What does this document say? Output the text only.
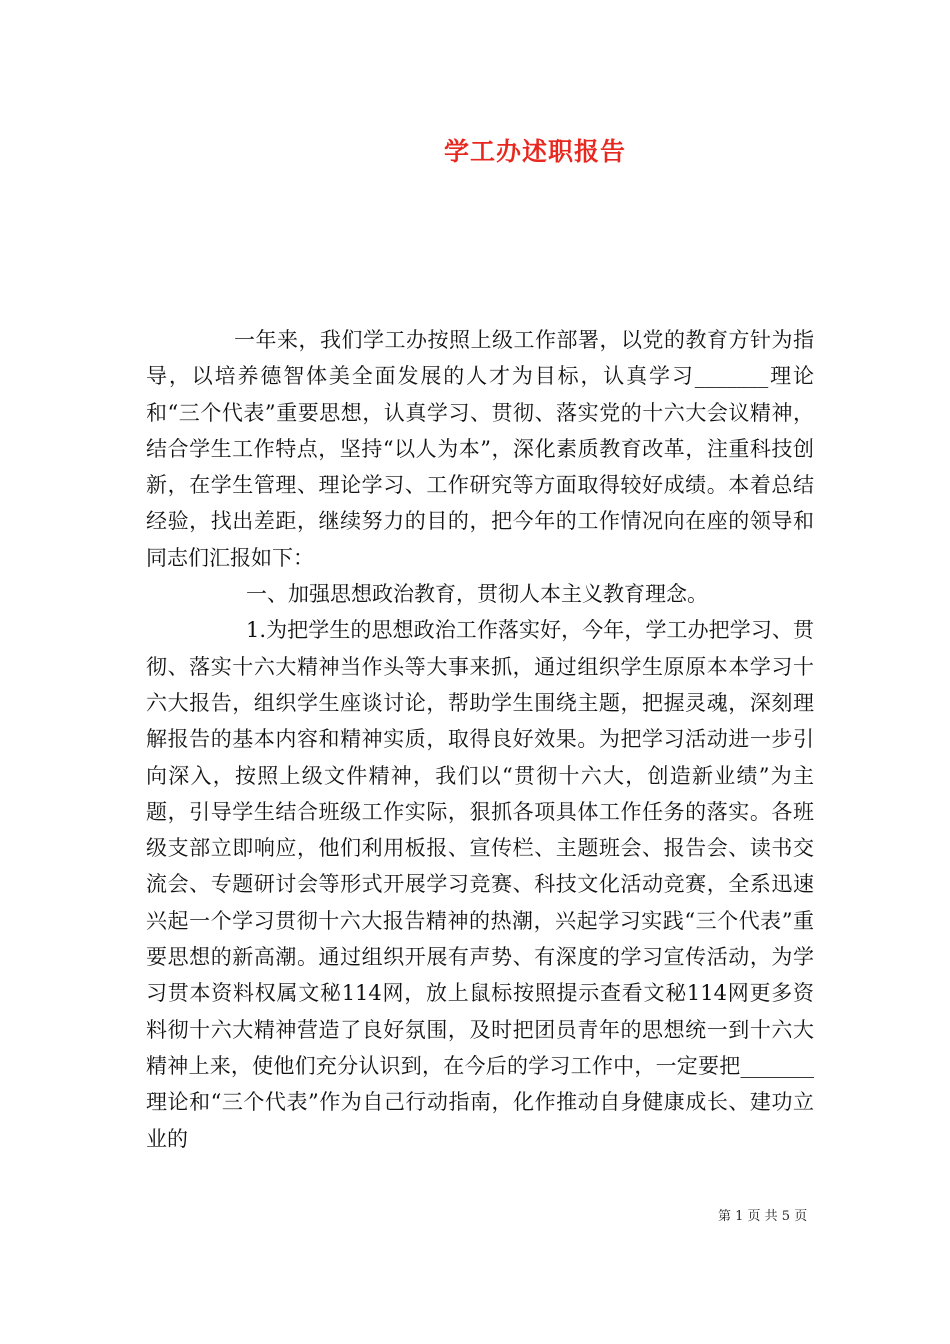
学工办述职报告

一年来，我们学工办按照上级工作部署，以党的教育方针为指导，以培养德智体美全面发展的人才为目标，认真学习_______理论和“三个代表”重要思想，认真学习、贯彻、落实党的十六大会议精神，结合学生工作特点，坚持“以人为本”，深化素质教育改革，注重科技创新，在学生管理、理论学习、工作研究等方面取得较好成绩。本着总结经验，找出差距，继续努力的目的，把今年的工作情况向在座的领导和同志们汇报如下：

一、加强思想政治教育，贯彻人本主义教育理念。

1.为把学生的思想政治工作落实好，今年，学工办把学习、贯彻、落实十六大精神当作头等大事来抓，通过组织学生原原本本学习十六大报告，组织学生座谈讨论，帮助学生围绕主题，把握灵魂，深刻理解报告的基本内容和精神实质，取得良好效果。为把学习活动进一步引向深入，按照上级文件精神，我们以“贯彻十六大，创造新业绩”为主题，引导学生结合班级工作实际，狠抓各项具体工作任务的落实。各班级支部立即响应，他们利用板报、宣传栏、主题班会、报告会、读书交流会、专题研讨会等形式开展学习竞赛、科技文化活动竞赛，全系迅速兴起一个学习贯彻十六大报告精神的热潮，兴起学习实践“三个代表”重要思想的新高潮。通过组织开展有声势、有深度的学习宣传活动，为学习贯本资料权属文秘114网，放上鼠标按照提示查看文秘114网更多资料彻十六大精神营造了良好氛围，及时把团员青年的思想统一到十六大精神上来，使他们充分认识到，在今后的学习工作中，一定要把_______理论和“三个代表”作为自己行动指南，化作推动自身健康成长、建功立业的

第 1 页 共 5 页
